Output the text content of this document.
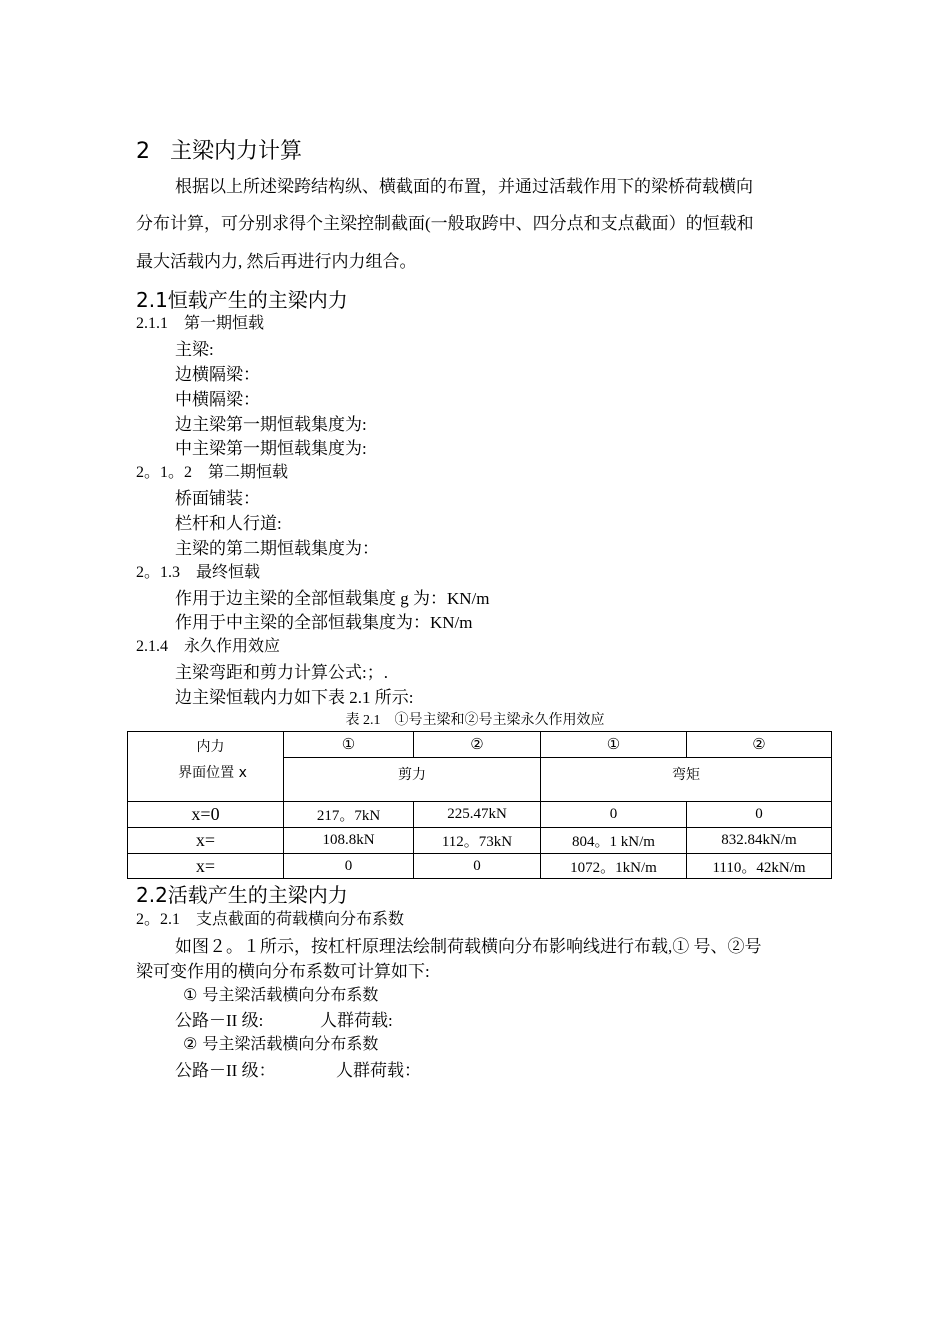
2 主梁内力计算
根据以上所述梁跨结构纵、横截面的布置，并通过活载作用下的梁桥荷载横向
分布计算，可分别求得个主梁控制截面(一般取跨中、四分点和支点截面）的恒载和
最大活载内力, 然后再进行内力组合。
2.1恒载产生的主梁内力
2.1.1 第一期恒载
主梁:
边横隔梁：
中横隔梁：
边主梁第一期恒载集度为:
中主梁第一期恒载集度为:
2。1。2 第二期恒载
桥面铺装：
栏杆和人行道:
主梁的第二期恒载集度为：
2。1.3 最终恒载
作用于边主梁的全部恒载集度 g 为：KN/m
作用于中主梁的全部恒载集度为：KN/m
2.1.4 永久作用效应
主梁弯距和剪力计算公式:；.
边主梁恒载内力如下表 2.1 所示:
表 2.1　①号主梁和②号主梁永久作用效应
内力
界面位置 x	①	②	①	②
	剪力		弯矩	
x=0	217。7kN	225.47kN	0	0
x=	108.8kN	112。73kN	804。1 kN/m	832.84kN/m
x=	0	0	1072。1kN/m	1110。42kN/m
2.2活载产生的主梁内力
2。2.1 支点截面的荷载横向分布系数
如图２。１所示，按杠杆原理法绘制荷载横向分布影响线进行布载,① 号、②号
梁可变作用的横向分布系数可计算如下:
① 号主梁活载横向分布系数
公路－II 级:	人群荷载:
② 号主梁活载横向分布系数
公路－II 级：	人群荷载：
